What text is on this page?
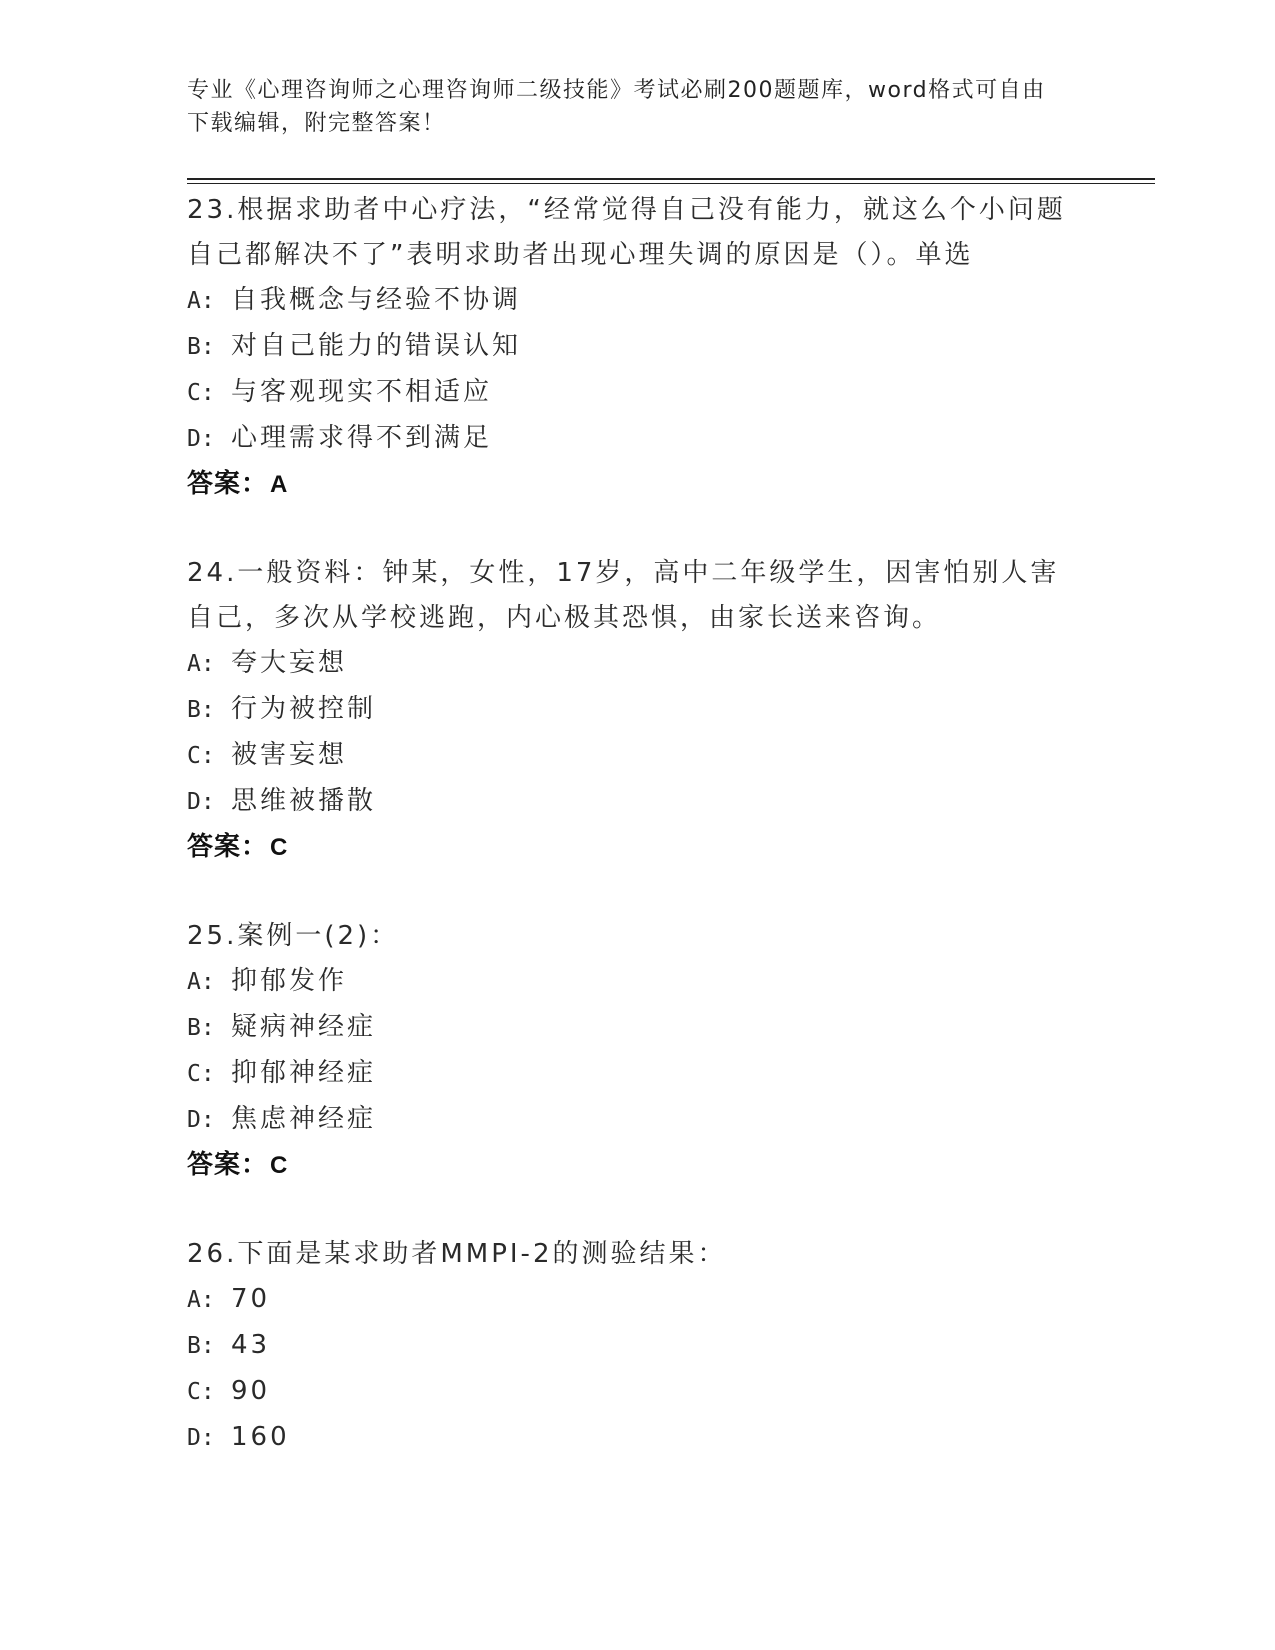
专业《心理咨询师之心理咨询师二级技能》考试必刷200题题库，word格式可自由下载编辑，附完整答案！

23.根据求助者中心疗法，“经常觉得自己没有能力，就这么个小问题自己都解决不了”表明求助者出现心理失调的原因是（）。单选

A: 自我概念与经验不协调

B: 对自己能力的错误认知

C: 与客观现实不相适应

D: 心理需求得不到满足

答案：A

24.一般资料：钟某，女性，17岁，高中二年级学生，因害怕别人害自己，多次从学校逃跑，内心极其恐惧，由家长送来咨询。

A: 夸大妄想

B: 行为被控制

C: 被害妄想

D: 思维被播散

答案：C

25.案例一(2)：

A: 抑郁发作

B: 疑病神经症

C: 抑郁神经症

D: 焦虑神经症

答案：C

26.下面是某求助者MMPI-2的测验结果：

A: 70

B: 43

C: 90

D: 160
